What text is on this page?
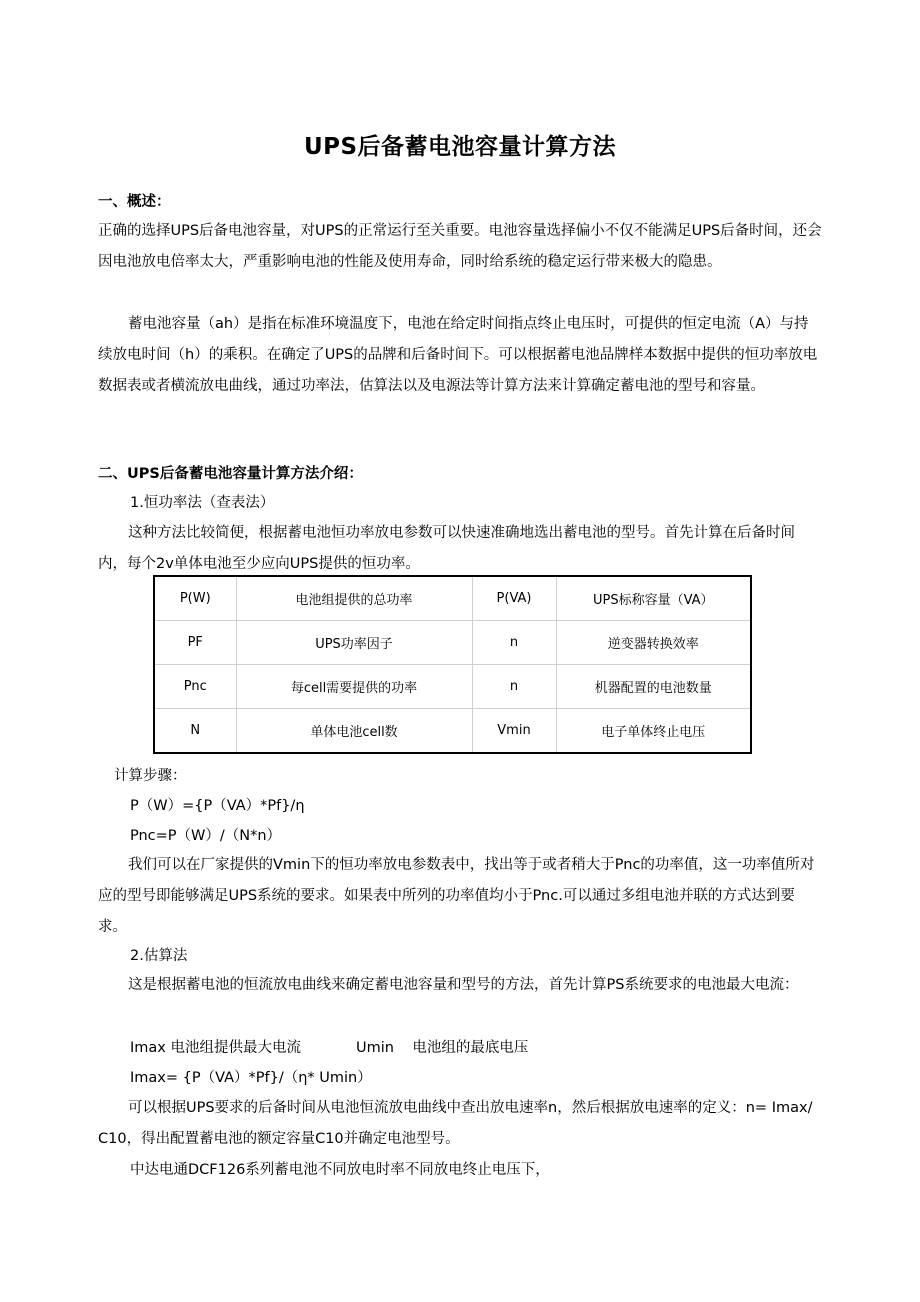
UPS后备蓄电池容量计算方法
一、概述：

正确的选择UPS后备电池容量，对UPS的正常运行至关重要。电池容量选择偏小不仅不能满足UPS后备时间，还会因电池放电倍率太大，严重影响电池的性能及使用寿命，同时给系统的稳定运行带来极大的隐患。

蓄电池容量（ah）是指在标准环境温度下，电池在给定时间指点终止电压时，可提供的恒定电流（A）与持续放电时间（h）的乘积。在确定了UPS的品牌和后备时间下。可以根据蓄电池品牌样本数据中提供的恒功率放电数据表或者横流放电曲线，通过功率法，估算法以及电源法等计算方法来计算确定蓄电池的型号和容量。

二、UPS后备蓄电池容量计算方法介绍：
1.恒功率法（查表法）

这种方法比较简便，根据蓄电池恒功率放电参数可以快速准确地选出蓄电池的型号。首先计算在后备时间内，每个2v单体电池至少应向UPS提供的恒功率。

P(W)	电池组提供的总功率	P(VA)	UPS标称容量（VA）
PF	UPS功率因子	n	逆变器转换效率
Pnc	每cell需要提供的功率	n	机器配置的电池数量
N	单体电池cell数	Vmin	电子单体终止电压
计算步骤：
P（W）={P（VA）*Pf}/η
Pnc=P（W）/（N*n）

我们可以在厂家提供的Vmin下的恒功率放电参数表中，找出等于或者稍大于Pnc的功率值，这一功率值所对应的型号即能够满足UPS系统的要求。如果表中所列的功率值均小于Pnc.可以通过多组电池并联的方式达到要求。

2.估算法

这是根据蓄电池的恒流放电曲线来确定蓄电池容量和型号的方法，首先计算PS系统要求的电池最大电流：

Imax 电池组提供最大电流	Umin    电池组的最底电压
Imax= {P（VA）*Pf}/（η* Umin）

可以根据UPS要求的后备时间从电池恒流放电曲线中查出放电速率n，然后根据放电速率的定义：n= Imax/C10，得出配置蓄电池的额定容量C10并确定电池型号。

中达电通DCF126系列蓄电池不同放电时率不同放电终止电压下，
